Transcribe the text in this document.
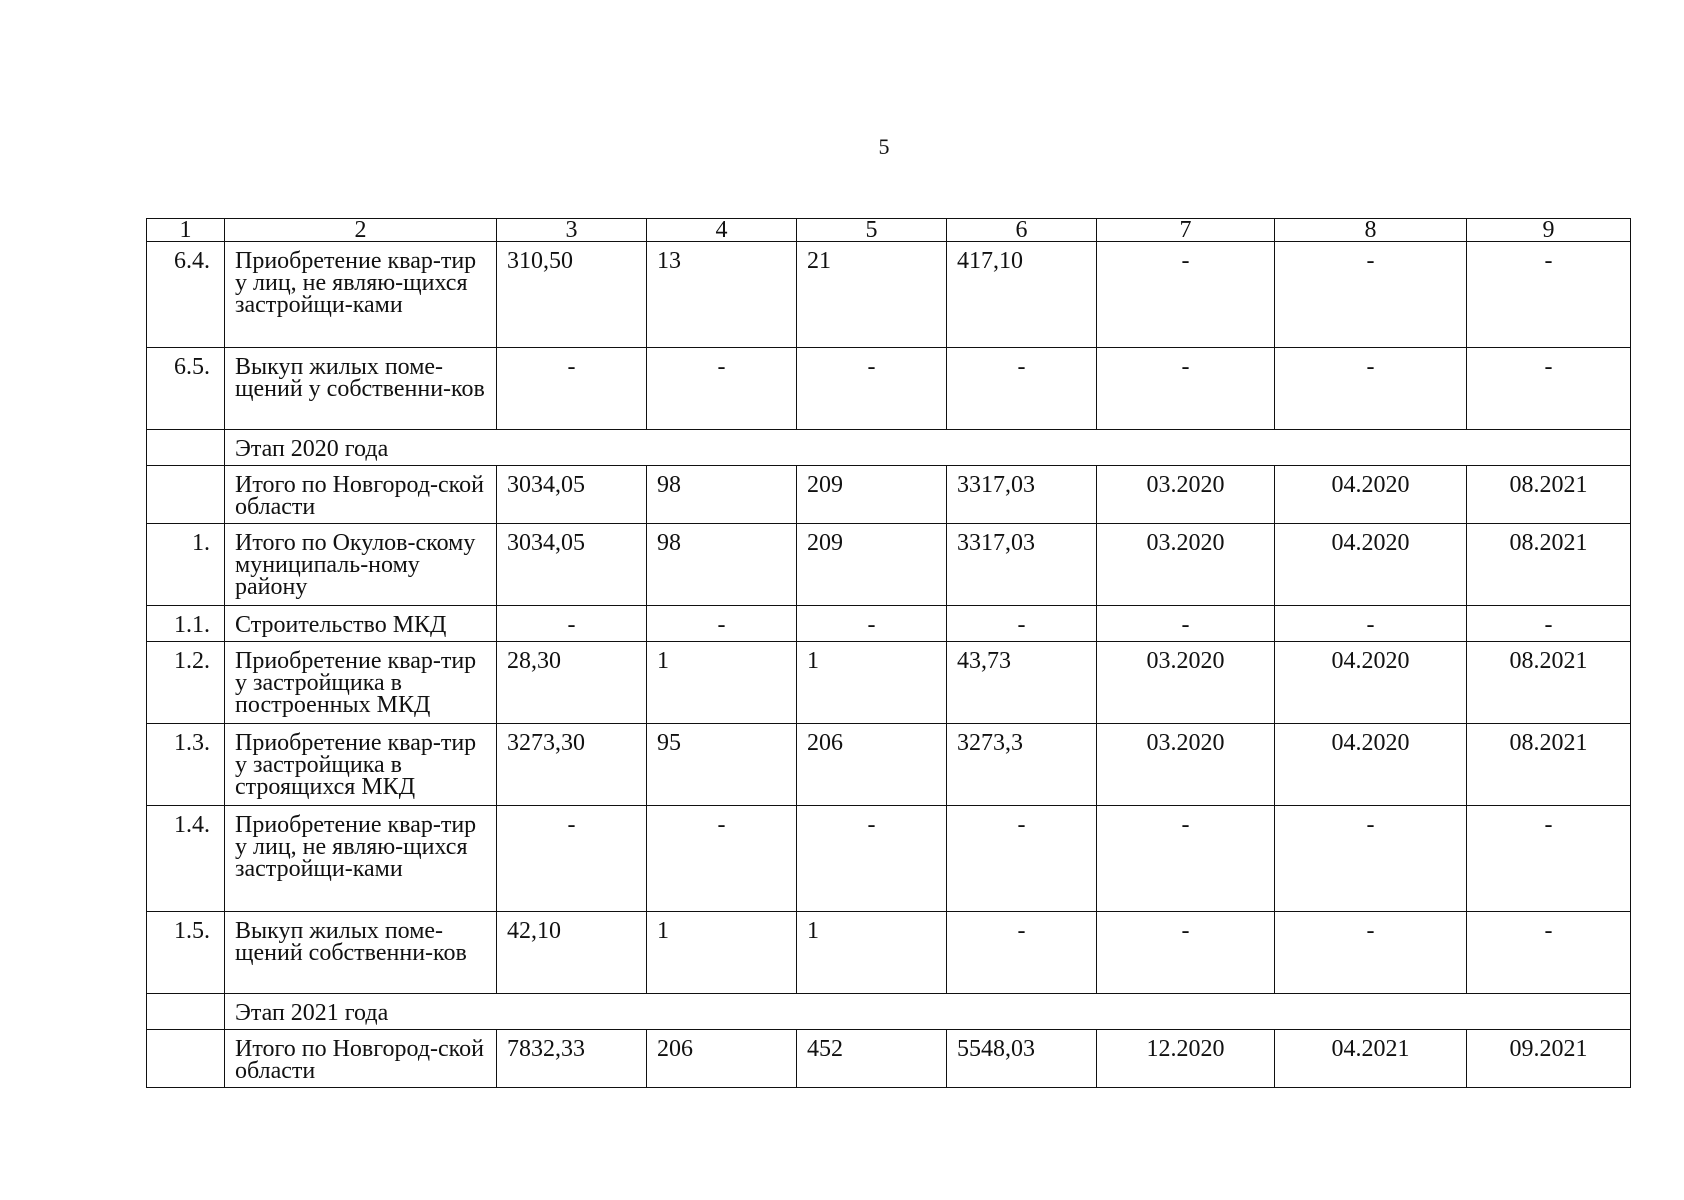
5
1	2	3	4	5	6	7	8	9
6.4.	Приобретение квар-тир у лиц, не являю-щихся застройщи-ками	310,50	13	21	417,10	-	-	-
6.5.	Выкуп жилых поме-щений у собственни-ков	-	-	-	-	-	-	-
	Этап 2020 года							
	Итого по Новгород-ской области	3034,05	98	209	3317,03	03.2020	04.2020	08.2021
1.	Итого по Окулов-скому муниципаль-ному району	3034,05	98	209	3317,03	03.2020	04.2020	08.2021
1.1.	Строительство МКД	-	-	-	-	-	-	-
1.2.	Приобретение квар-тир у застройщика в построенных МКД	28,30	1	1	43,73	03.2020	04.2020	08.2021
1.3.	Приобретение квар-тир у застройщика в строящихся МКД	3273,30	95	206	3273,3	03.2020	04.2020	08.2021
1.4.	Приобретение квар-тир у лиц, не являю-щихся застройщи-ками	-	-	-	-	-	-	-
1.5.	Выкуп жилых поме-щений собственни-ков	42,10	1	1	-	-	-	-
	Этап 2021 года							
	Итого по Новгород-ской области	7832,33	206	452	5548,03	12.2020	04.2021	09.2021
